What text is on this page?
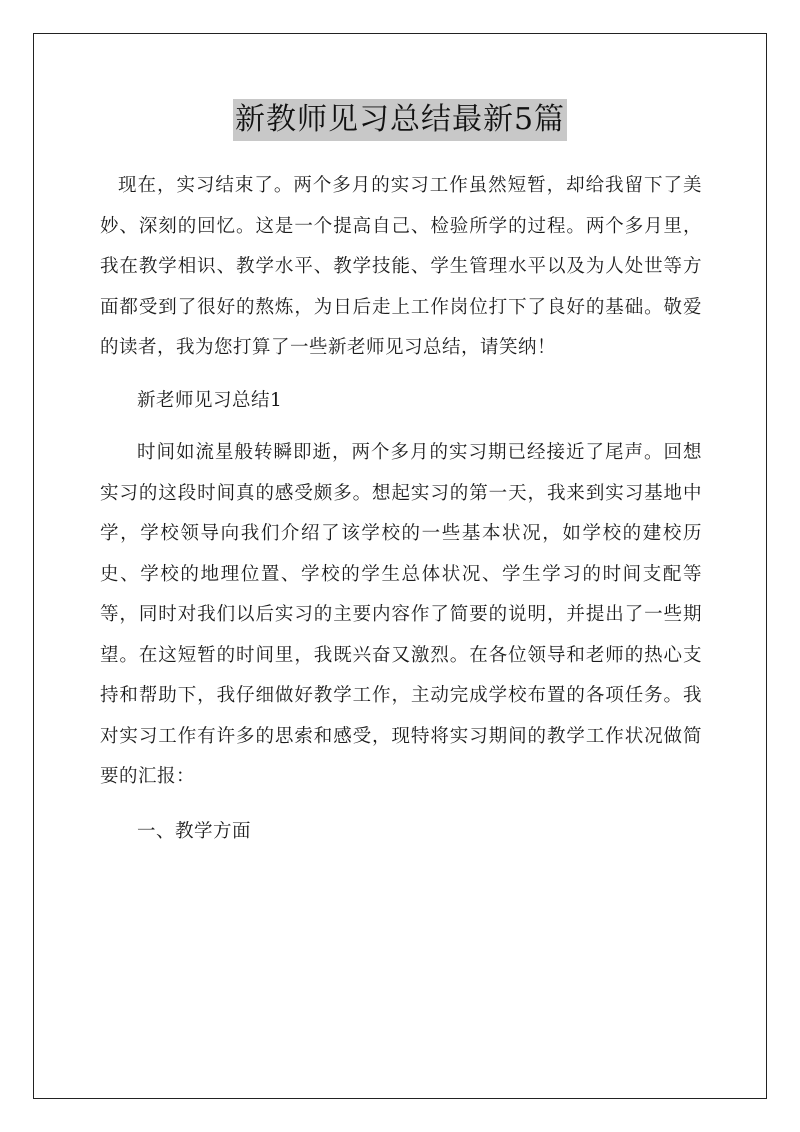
新教师见习总结最新5篇

现在，实习结束了。两个多月的实习工作虽然短暂，却给我留下了美妙、深刻的回忆。这是一个提高自己、检验所学的过程。两个多月里，我在教学相识、教学水平、教学技能、学生管理水平以及为人处世等方面都受到了很好的熬炼，为日后走上工作岗位打下了良好的基础。敬爱的读者，我为您打算了一些新老师见习总结，请笑纳！

新老师见习总结1

时间如流星般转瞬即逝，两个多月的实习期已经接近了尾声。回想实习的这段时间真的感受颇多。想起实习的第一天，我来到实习基地中学，学校领导向我们介绍了该学校的一些基本状况，如学校的建校历史、学校的地理位置、学校的学生总体状况、学生学习的时间支配等等，同时对我们以后实习的主要内容作了简要的说明，并提出了一些期望。在这短暂的时间里，我既兴奋又激烈。在各位领导和老师的热心支持和帮助下，我仔细做好教学工作，主动完成学校布置的各项任务。我对实习工作有许多的思索和感受，现特将实习期间的教学工作状况做简要的汇报：

一、教学方面
